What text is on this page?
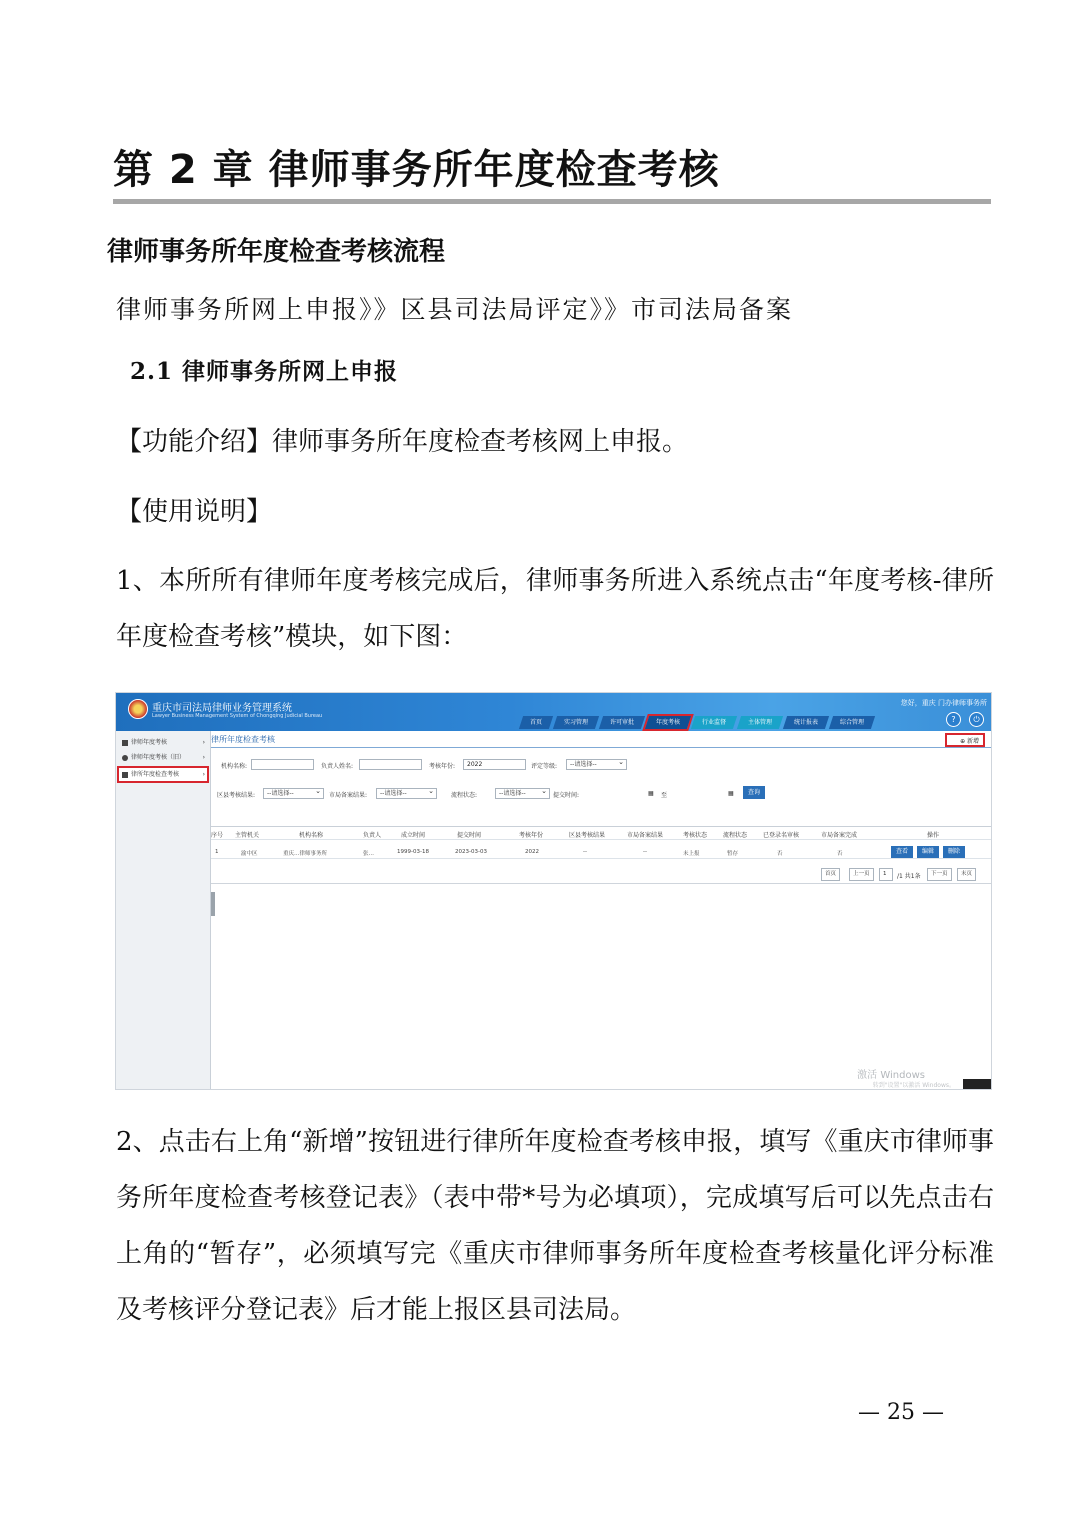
第 2 章 律师事务所年度检查考核
律师事务所年度检查考核流程
律师事务所网上申报》》区县司法局评定》》市司法局备案
2.1 律师事务所网上申报
【功能介绍】律师事务所年度检查考核网上申报。
【使用说明】
1、本所所有律师年度考核完成后，律师事务所进入系统点击“年度考核-律所年度检查考核”模块，如下图：
重庆市司法局律师业务管理系统
Lawyer Business Management System of Chongqing Judicial Bureau
您好，重庆 门办律师事务所
首页	实习管理	许可审批	年度考核	行业监督	主体管理	统计报表	综合管理	?	⏻
律师年度考核	›
律师年度考核（旧）	›
律所年度检查考核	›
律所年度检查考核	⊕ 新增
机构名称:	负责人姓名:	考核年份:	2022	评定等级:	--请选择-- ⌄
区县考核结果:	--请选择-- ⌄	市局备案结果:	--请选择-- ⌄	流程状态:	--请选择-- ⌄	提交时间:	▦ 至	▦	查询
序号 主管机关	机构名称	负责人	成立时间	提交时间	考核年份	区县考核结果	市局备案结果	考核状态	流程状态	已登录名审核	市局备案完成	操作
1	渝中区	重庆…律师事务所	张…	1999-03-18	2023-03-03	2022	--	--	未上报	暂存	否	否	查看	编辑	删除
首页	上一页	1	/1 共1条	下一页	末页
激活 Windows
转到"设置"以激活 Windows。
2、点击右上角“新增”按钮进行律所年度检查考核申报，填写《重庆市律师事务所年度检查考核登记表》（表中带*号为必填项），完成填写后可以先点击右上角的“暂存”，必须填写完《重庆市律师事务所年度检查考核量化评分标准及考核评分登记表》后才能上报区县司法局。
— 25 —
